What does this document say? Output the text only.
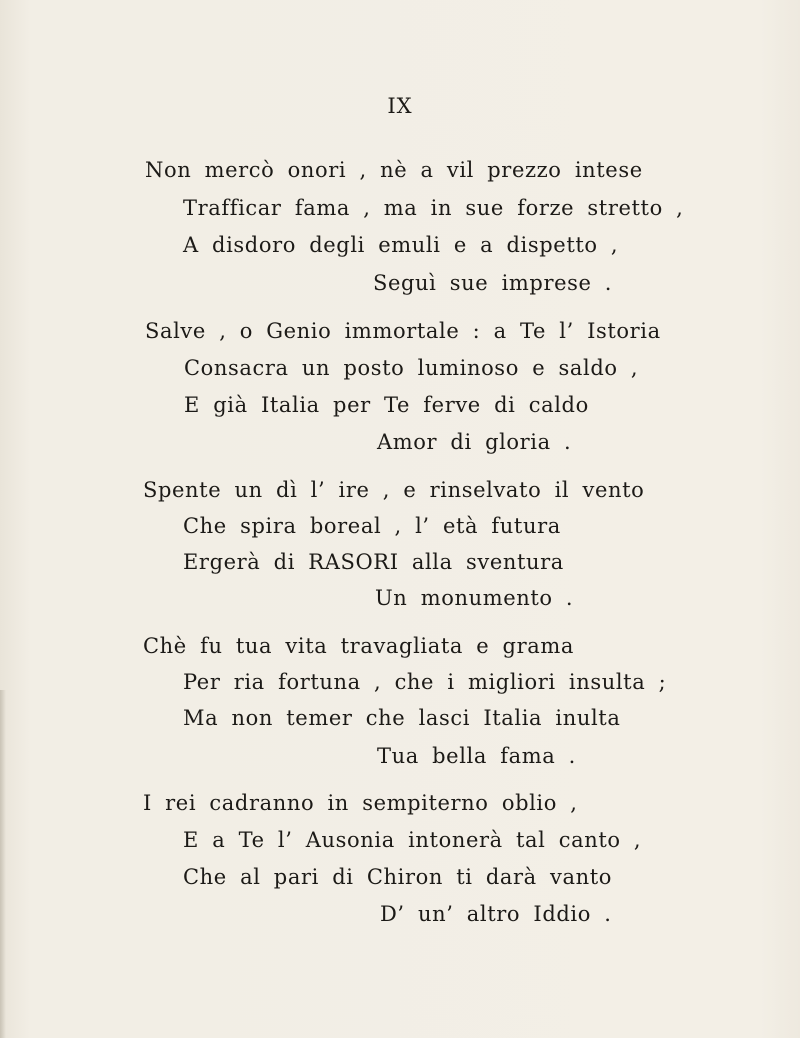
IX
Non mercò onori , nè a vil prezzo intese
Trafficar fama , ma in sue forze stretto ,
A disdoro degli emuli e a dispetto ,
Seguì sue imprese .
Salve , o Genio immortale : a Te l’ Istoria
Consacra un posto luminoso e saldo ,
E già Italia per Te ferve di caldo
Amor di gloria .
Spente un dì l’ ire , e rinselvato il vento
Che spira boreal , l’ età futura
Ergerà di RASORI alla sventura
Un monumento .
Chè fu tua vita travagliata e grama
Per ria fortuna , che i migliori insulta ;
Ma non temer che lasci Italia inulta
Tua bella fama .
I rei cadranno in sempiterno oblio ,
E a Te l’ Ausonia intonerà tal canto ,
Che al pari di Chiron ti darà vanto
D’ un’ altro Iddio .
